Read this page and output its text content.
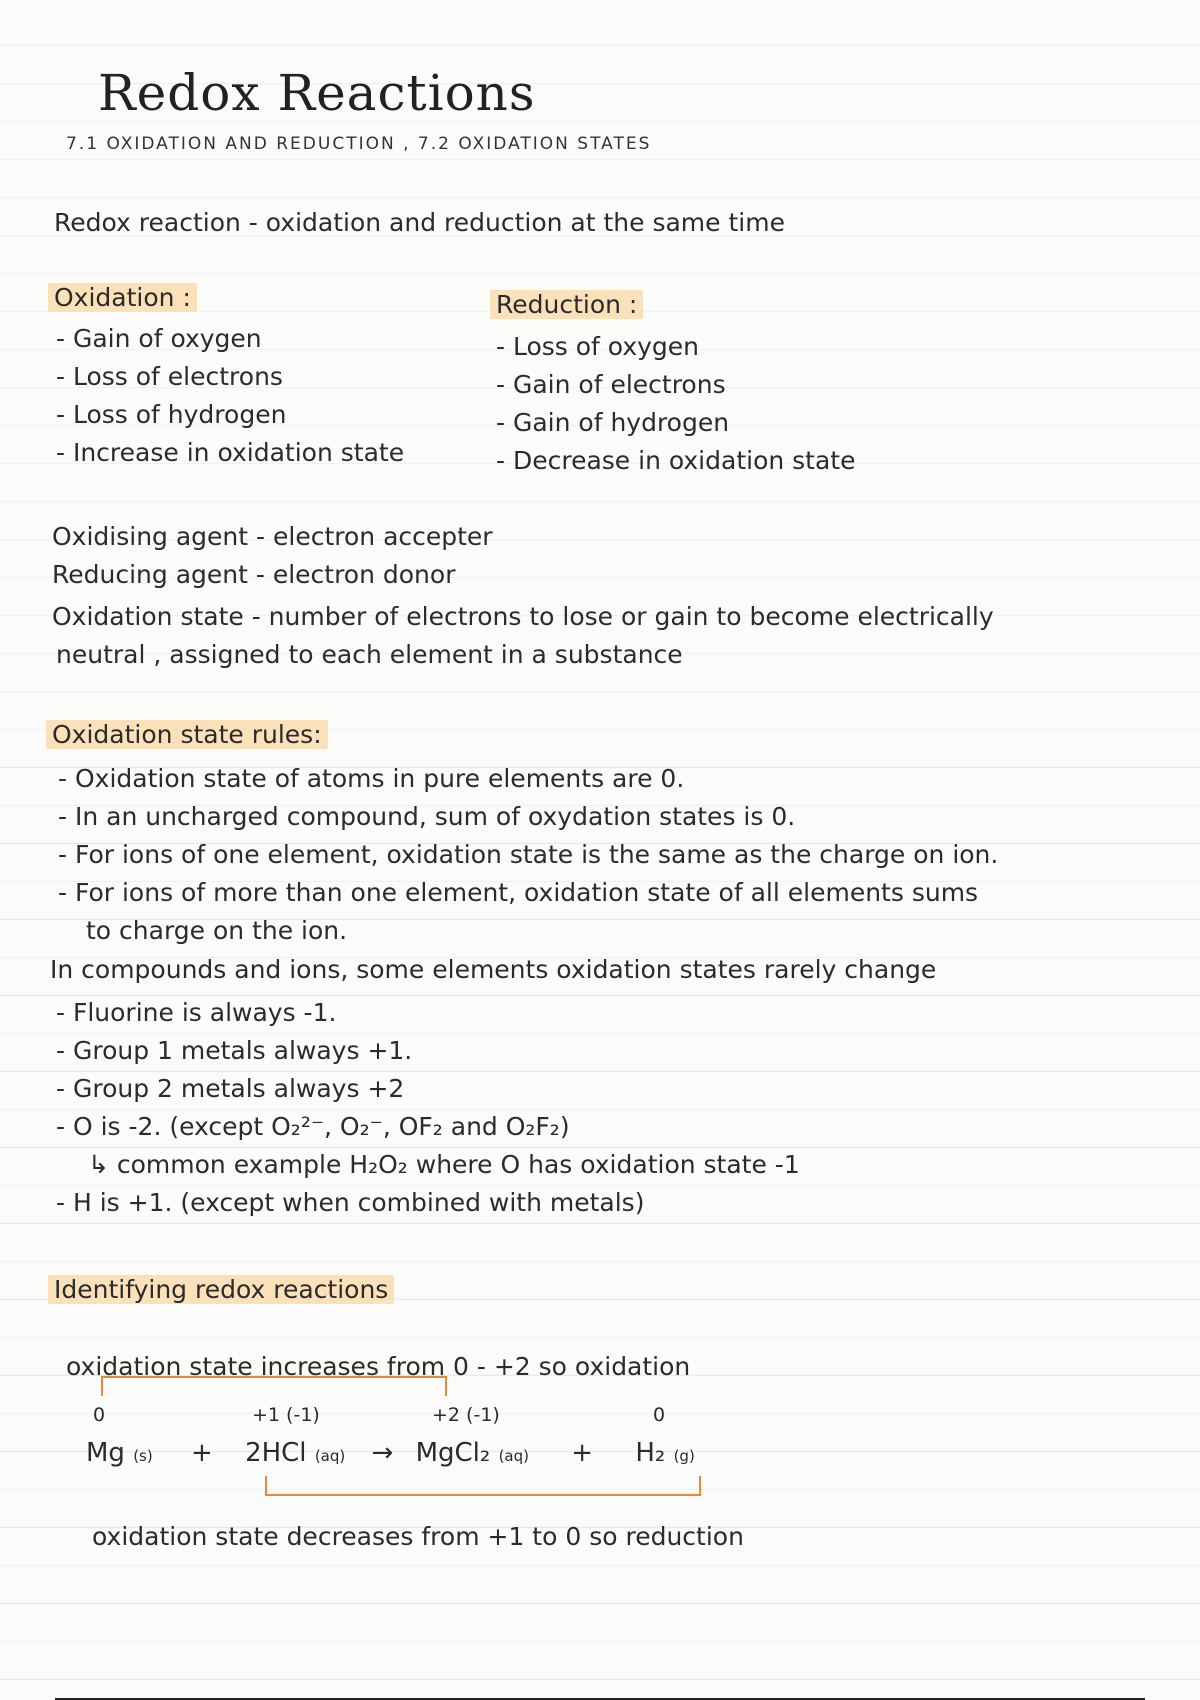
Redox Reactions
7.1 OXIDATION AND REDUCTION , 7.2 OXIDATION STATES
Redox reaction - oxidation and reduction at the same time
Oxidation :
- Gain of oxygen
- Loss of electrons
- Loss of hydrogen
- Increase in oxidation state
Reduction :
- Loss of oxygen
- Gain of electrons
- Gain of hydrogen
- Decrease in oxidation state
Oxidising agent - electron accepter
Reducing agent - electron donor
Oxidation state - number of electrons to lose or gain to become electrically
neutral , assigned to each element in a substance
Oxidation state rules:
- Oxidation state of atoms in pure elements are 0.
- In an uncharged compound, sum of oxydation states is 0.
- For ions of one element, oxidation state is the same as the charge on ion.
- For ions of more than one element, oxidation state of all elements sums
to charge on the ion.
In compounds and ions, some elements oxidation states rarely change
- Fluorine is always -1.
- Group 1 metals always +1.
- Group 2 metals always +2
- O is -2. (except O₂²⁻, O₂⁻, OF₂ and O₂F₂)
↳ common example H₂O₂ where O has oxidation state -1
- H is +1. (except when combined with metals)
Identifying redox reactions
oxidation state increases from 0 - +2 so oxidation
0	+1 (-1)	+2 (-1)	0
Mg (s) + 2HCl (aq) → MgCl₂ (aq) + H₂ (g)
oxidation state decreases from +1 to 0 so reduction
